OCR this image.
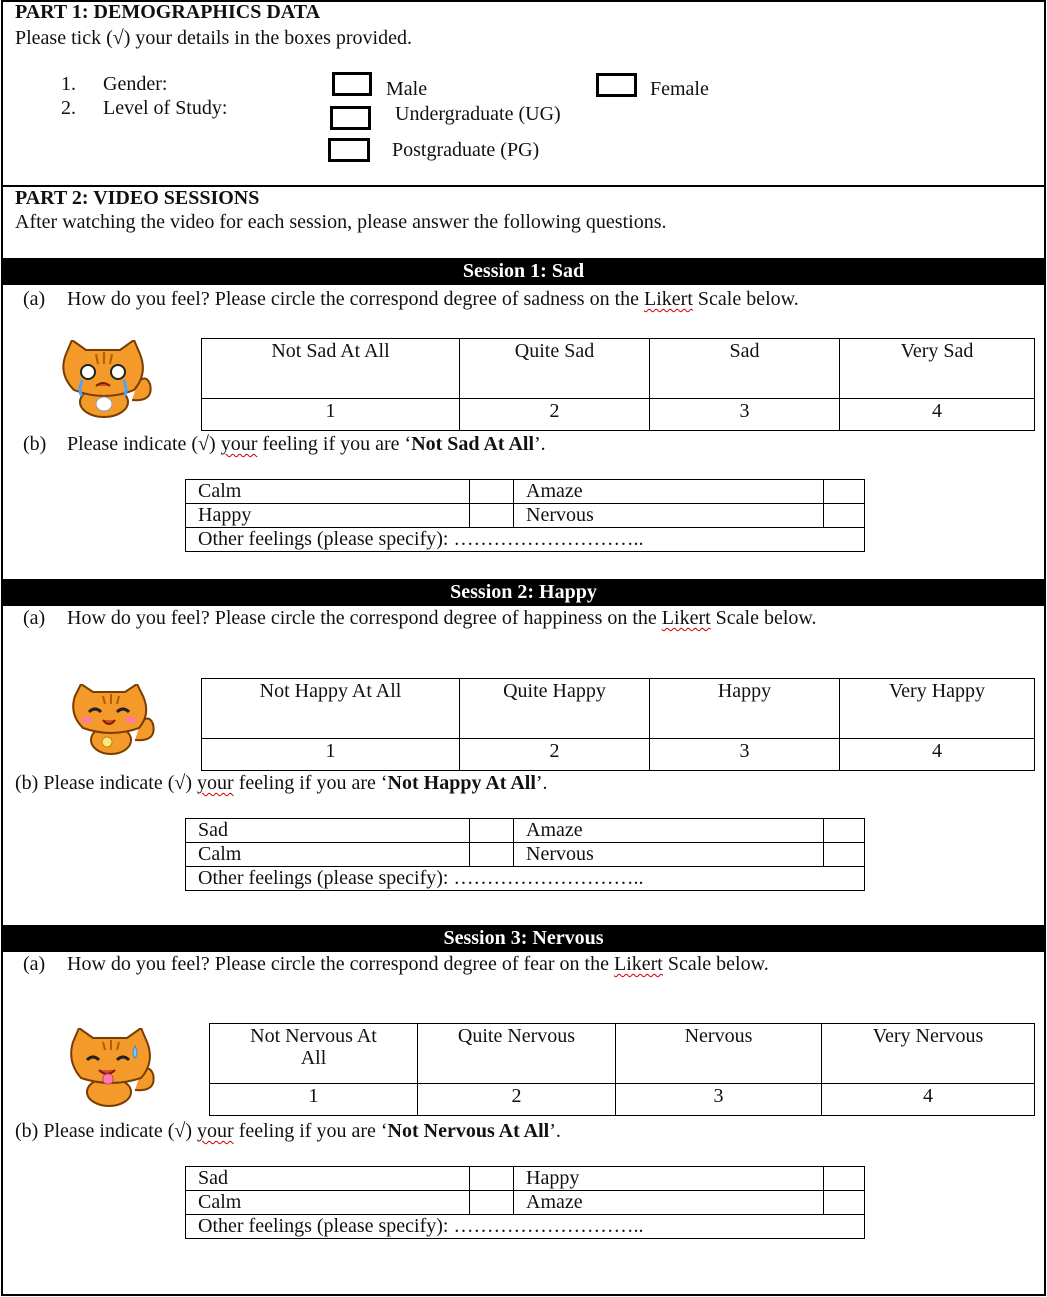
PART 1: DEMOGRAPHICS DATA
Please tick (√) your details in the boxes provided.
1. Gender:
2. Level of Study:
Male	Female
Undergraduate (UG)
Postgraduate (PG)
PART 2: VIDEO SESSIONS
After watching the video for each session, please answer the following questions.
Session 1: Sad
(a) How do you feel? Please circle the correspond degree of sadness on the Likert Scale below.
Not Sad At All	Quite Sad	Sad	Very Sad
1	2	3	4
(b) Please indicate (√) your feeling if you are ‘Not Sad At All’.
Calm		Amaze	
Happy		Nervous	
Other feelings (please specify): ………………………..			
Session 2: Happy
(a) How do you feel? Please circle the correspond degree of happiness on the Likert Scale below.
Not Happy At All	Quite Happy	Happy	Very Happy
1	2	3	4
(b) Please indicate (√) your feeling if you are ‘Not Happy At All’.
Sad		Amaze	
Calm		Nervous	
Other feelings (please specify): ………………………..			
Session 3: Nervous
(a) How do you feel? Please circle the correspond degree of fear on the Likert Scale below.
Not Nervous At
All	Quite Nervous	Nervous	Very Nervous
1	2	3	4
(b) Please indicate (√) your feeling if you are ‘Not Nervous At All’.
Sad		Happy	
Calm		Amaze	
Other feelings (please specify): ………………………..			
